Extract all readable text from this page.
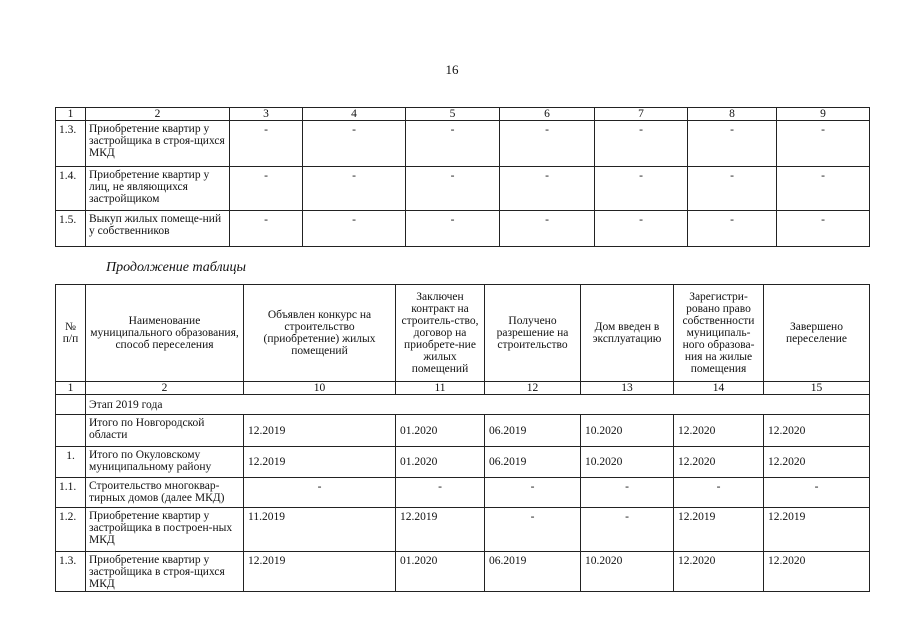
16
1	2	3	4	5	6	7	8	9
1.3.	Приобретение квартир у застройщика в строя-щихся МКД	-	-	-	-	-	-	-
1.4.	Приобретение квартир у лиц, не являющихся застройщиком	-	-	-	-	-	-	-
1.5.	Выкуп жилых помеще-ний у собственников	-	-	-	-	-	-	-
Продолжение таблицы
№ п/п	Наименование муниципального образования, способ переселения	Объявлен конкурс на строительство (приобретение) жилых помещений	Заключен контракт на строитель-ство, договор на приобрете-ние жилых помещений	Получено разрешение на строительство	Дом введен в эксплуатацию	Зарегистри-ровано право собственности муниципаль-ного образова-ния на жилые помещения	Завершено переселение
1	2	10	11	12	13	14	15
	Этап 2019 года						
	Итого по Новгородской области	12.2019	01.2020	06.2019	10.2020	12.2020	12.2020
1.	Итого по Окуловскому муниципальному району	12.2019	01.2020	06.2019	10.2020	12.2020	12.2020
1.1.	Строительство многоквар-тирных домов (далее МКД)	-	-	-	-	-	-
1.2.	Приобретение квартир у застройщика в построен-ных МКД	11.2019	12.2019	-	-	12.2019	12.2019
1.3.	Приобретение квартир у застройщика в строя-щихся МКД	12.2019	01.2020	06.2019	10.2020	12.2020	12.2020
